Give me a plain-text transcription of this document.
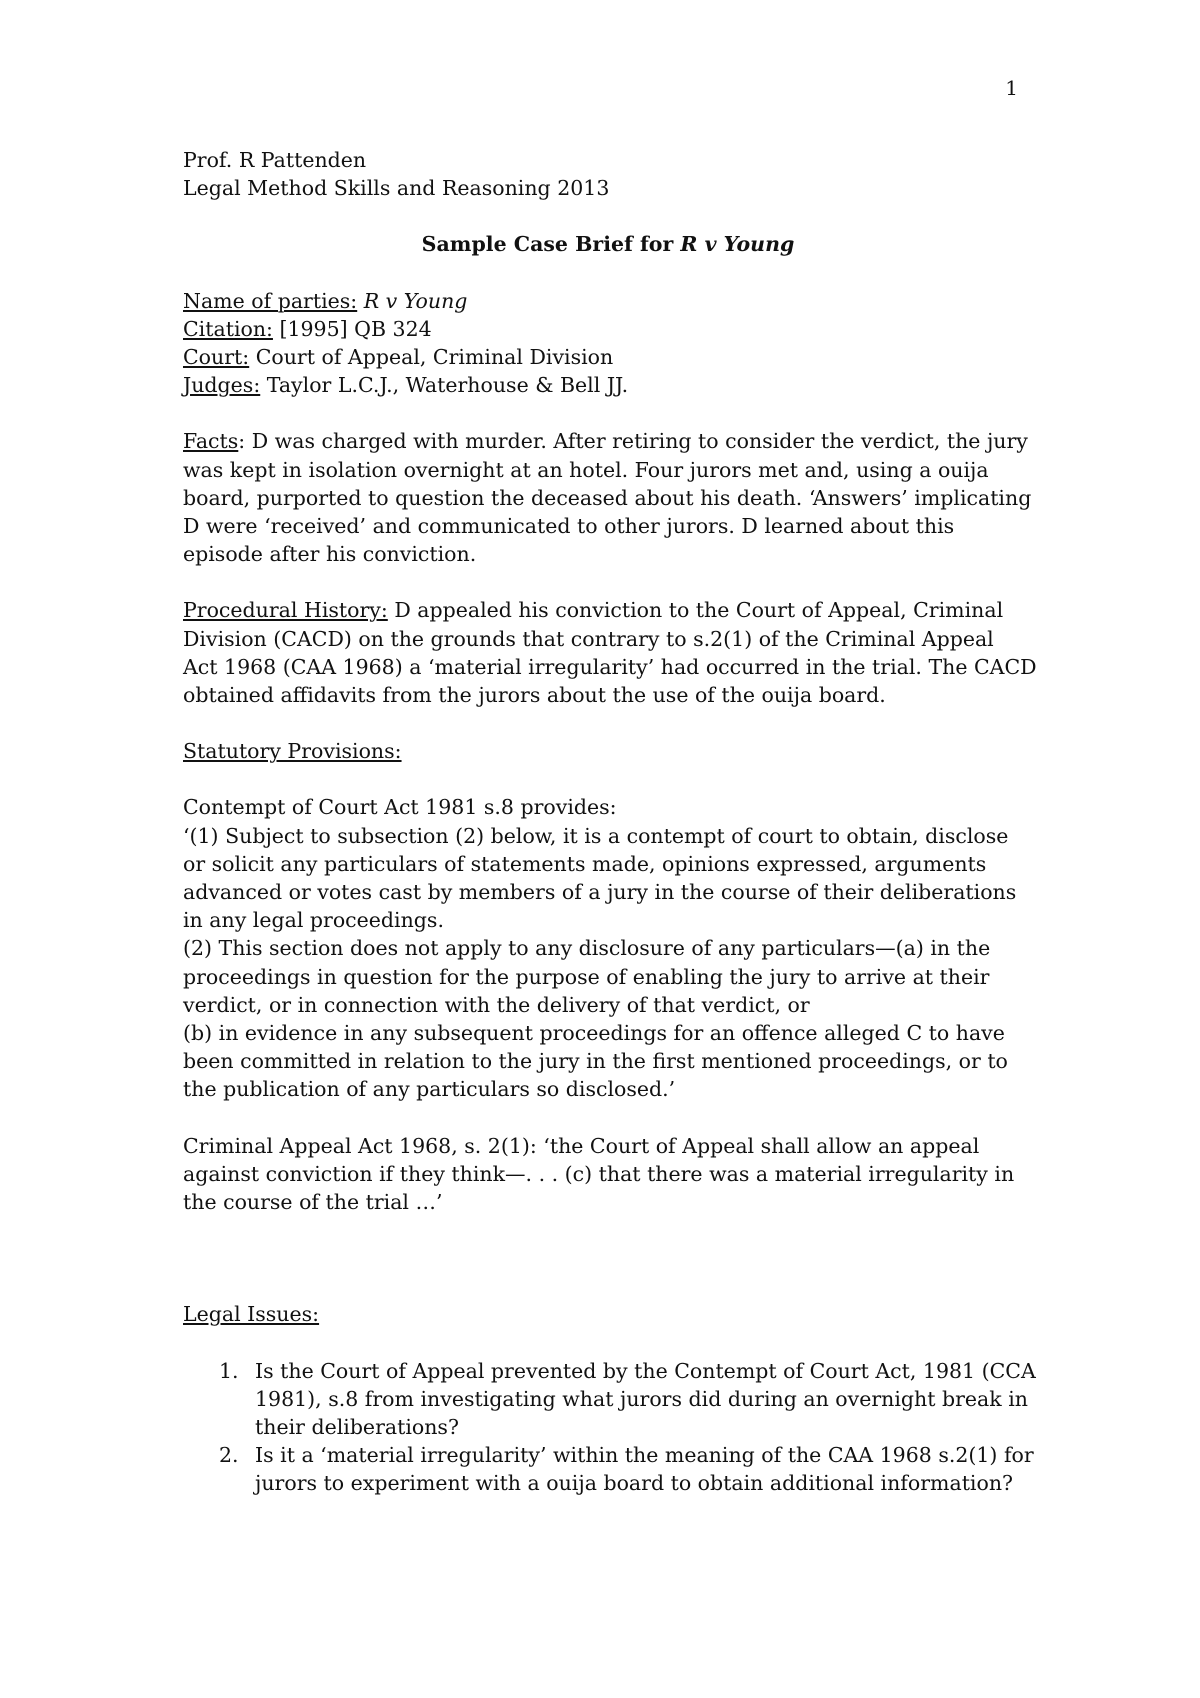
1
Prof. R Pattenden
Legal Method Skills and Reasoning 2013
Sample Case Brief for R v Young
Name of parties: R v Young
Citation: [1995] QB 324
Court: Court of Appeal, Criminal Division
Judges: Taylor L.C.J., Waterhouse & Bell JJ.
Facts: D was charged with murder. After retiring to consider the verdict, the jury
was kept in isolation overnight at an hotel. Four jurors met and, using a ouija
board, purported to question the deceased about his death. ‘Answers’ implicating
D were ‘received’ and communicated to other jurors. D learned about this
episode after his conviction.
Procedural History: D appealed his conviction to the Court of Appeal, Criminal
Division (CACD) on the grounds that contrary to s.2(1) of the Criminal Appeal
Act 1968 (CAA 1968) a ‘material irregularity’ had occurred in the trial. The CACD
obtained affidavits from the jurors about the use of the ouija board.
Statutory Provisions:
Contempt of Court Act 1981 s.8 provides:
‘(1) Subject to subsection (2) below, it is a contempt of court to obtain, disclose
or solicit any particulars of statements made, opinions expressed, arguments
advanced or votes cast by members of a jury in the course of their deliberations
in any legal proceedings.
(2) This section does not apply to any disclosure of any particulars—(a) in the
proceedings in question for the purpose of enabling the jury to arrive at their
verdict, or in connection with the delivery of that verdict, or
(b) in evidence in any subsequent proceedings for an offence alleged C to have
been committed in relation to the jury in the first mentioned proceedings, or to
the publication of any particulars so disclosed.’
Criminal Appeal Act 1968, s. 2(1): ‘the Court of Appeal shall allow an appeal
against conviction if they think—. . . (c) that there was a material irregularity in
the course of the trial …’
Legal Issues:
1. Is the Court of Appeal prevented by the Contempt of Court Act, 1981 (CCA
1981), s.8 from investigating what jurors did during an overnight break in
their deliberations?
2. Is it a ‘material irregularity’ within the meaning of the CAA 1968 s.2(1) for
jurors to experiment with a ouija board to obtain additional information?
